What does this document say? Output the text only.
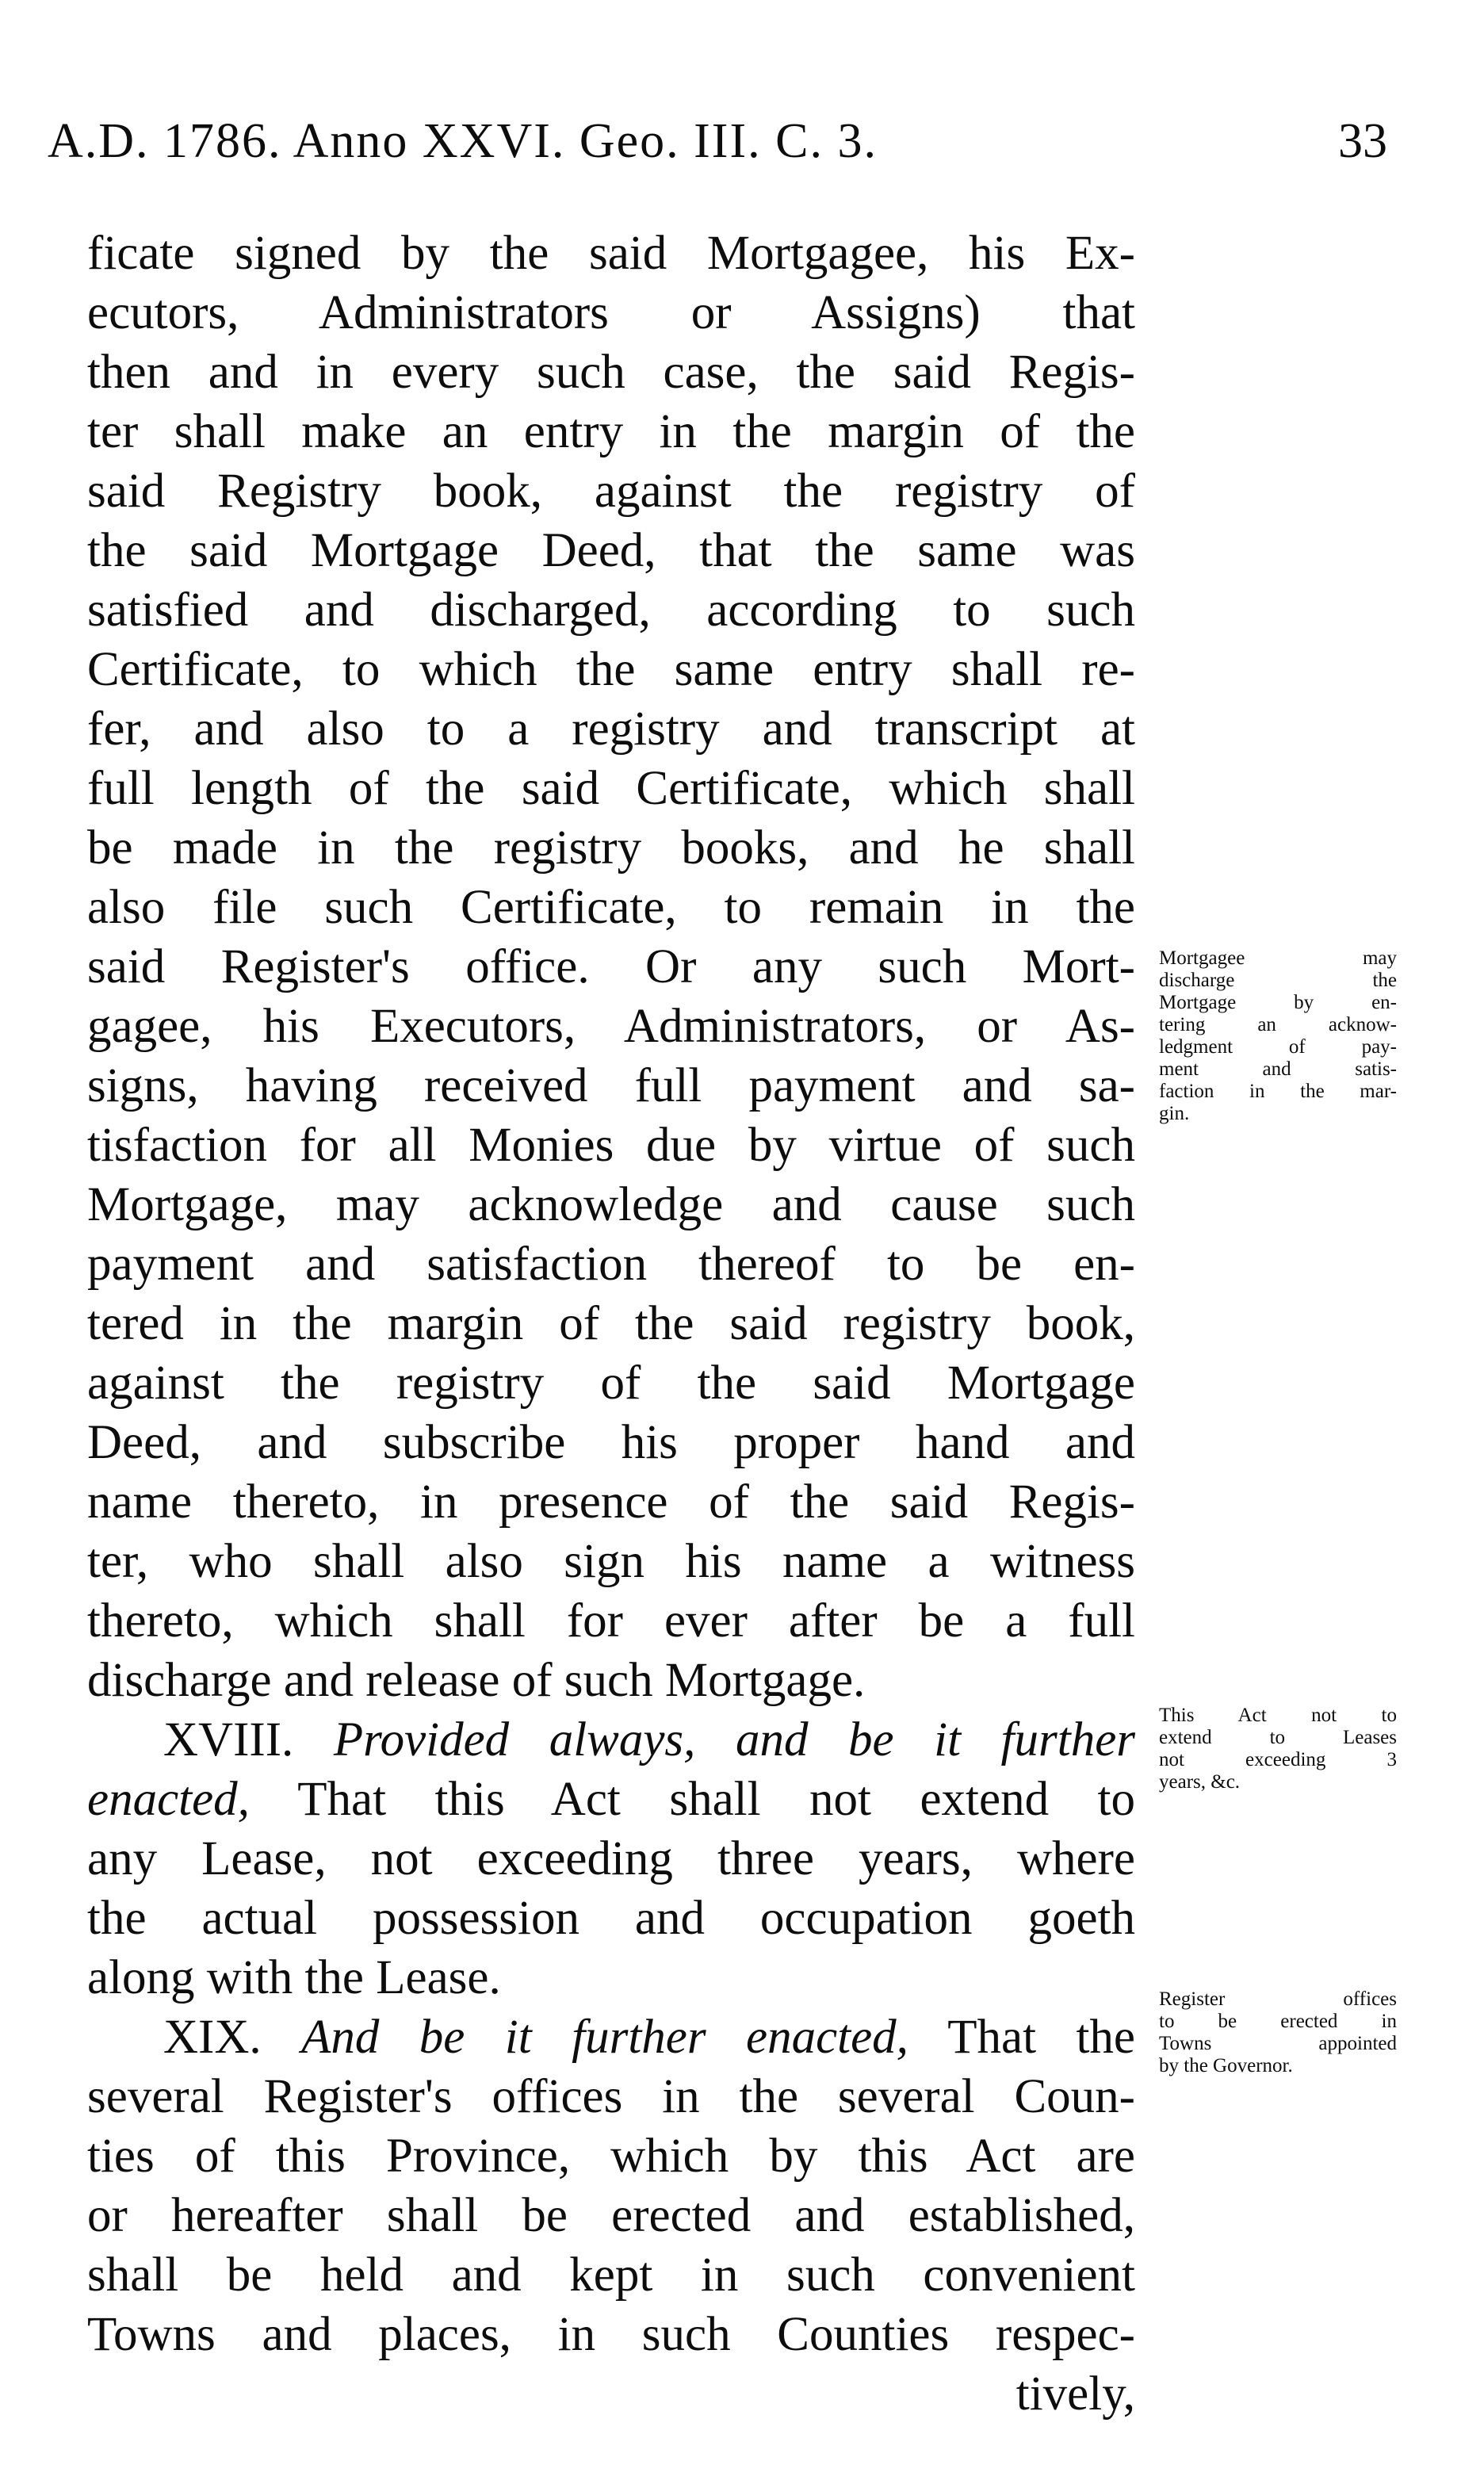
A.D. 1786. Anno XXVI. Geo. III. C. 3.	33
ficate signed by the said Mortgagee, his Ex-
ecutors, Administrators or Assigns) that
then and in every such case, the said Regis-
ter shall make an entry in the margin of the
said Registry book, against the registry of
the said Mortgage Deed, that the same was
satisfied and discharged, according to such
Certificate, to which the same entry shall re-
fer, and also to a registry and transcript at
full length of the said Certificate, which shall
be made in the registry books, and he shall
also file such Certificate, to remain in the
said Register's office. Or any such Mort-
gagee, his Executors, Administrators, or As-
signs, having received full payment and sa-
tisfaction for all Monies due by virtue of such
Mortgage, may acknowledge and cause such
payment and satisfaction thereof to be en-
tered in the margin of the said registry book,
against the registry of the said Mortgage
Deed, and subscribe his proper hand and
name thereto, in presence of the said Regis-
ter, who shall also sign his name a witness
thereto, which shall for ever after be a full
discharge and release of such Mortgage.
XVIII. Provided always, and be it further
enacted, That this Act shall not extend to
any Lease, not exceeding three years, where
the actual possession and occupation goeth
along with the Lease.
XIX. And be it further enacted, That the
several Register's offices in the several Coun-
ties of this Province, which by this Act are
or hereafter shall be erected and established,
shall be held and kept in such convenient
Towns and places, in such Counties respec-
tively,
Mortgagee may
discharge the
Mortgage by en-
tering an acknow-
ledgment of pay-
ment and satis-
faction in the mar-
gin.
This Act not to
extend to Leases
not exceeding 3
years, &c.
Register offices
to be erected in
Towns appointed
by the Governor.
